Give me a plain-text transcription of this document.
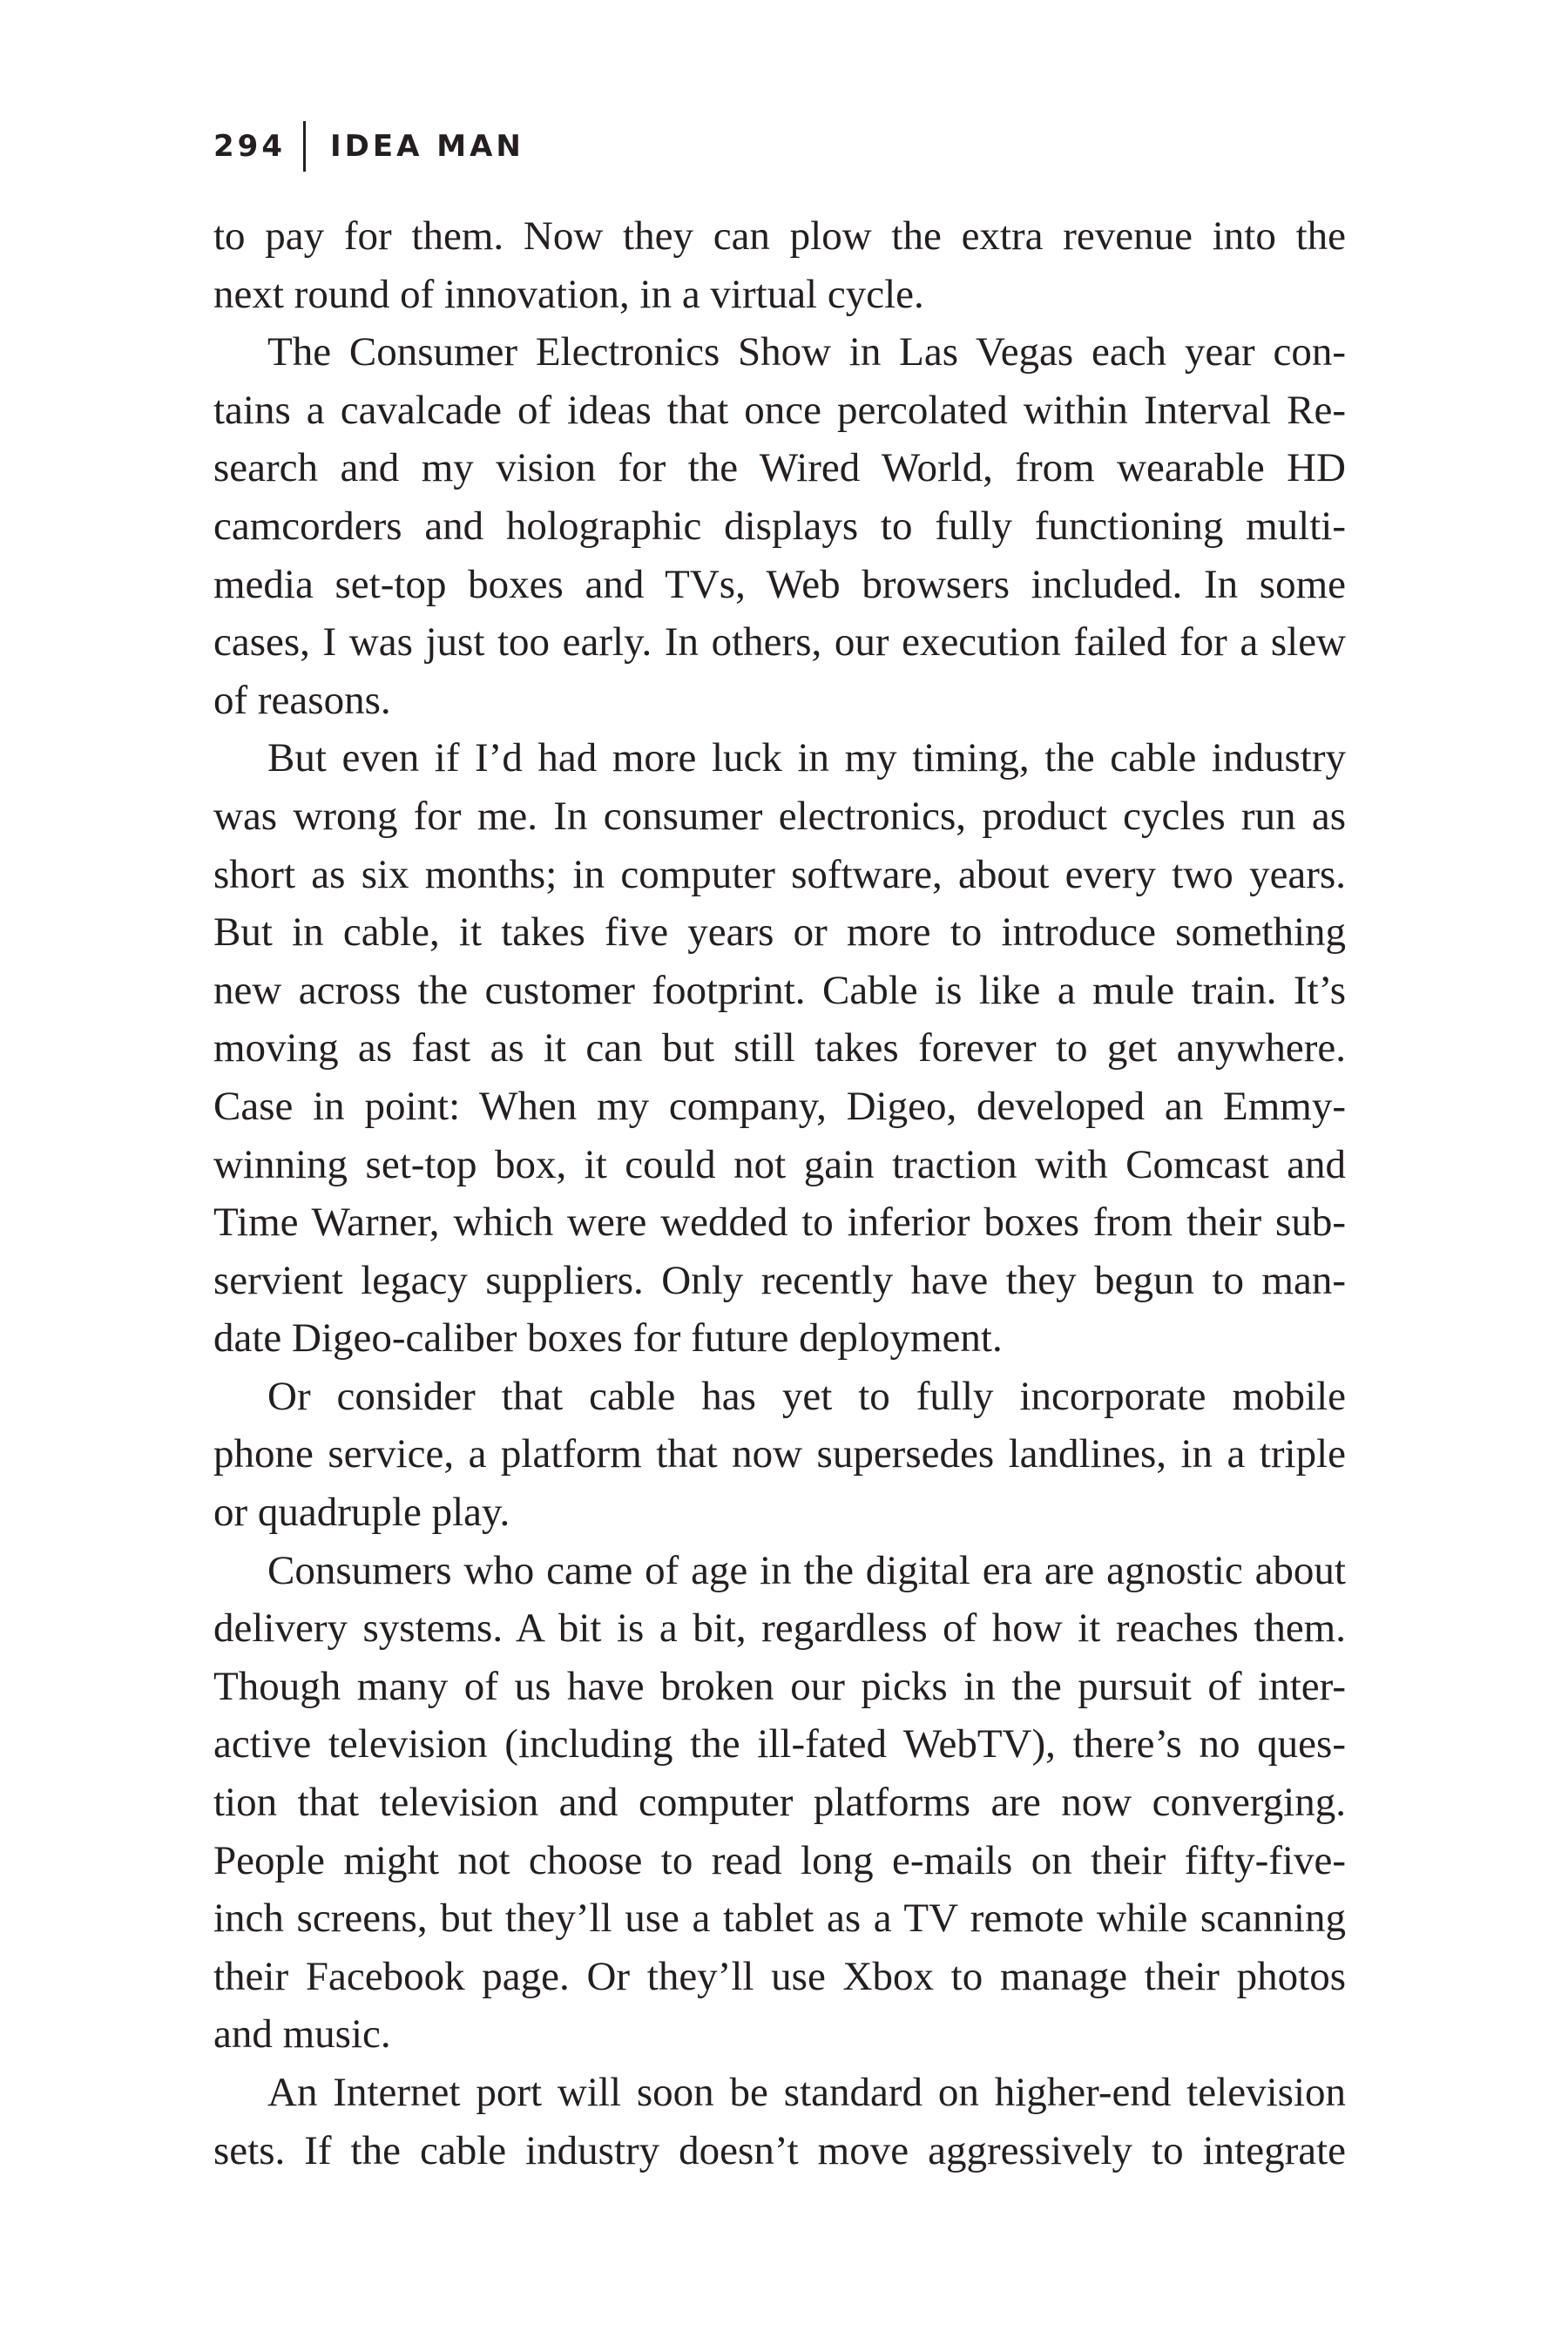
294 IDEA MAN
to pay for them. Now they can plow the extra revenue into the
next round of innovation, in a virtual cycle.
The Consumer Electronics Show in Las Vegas each year con-
tains a cavalcade of ideas that once percolated within Interval Re-
search and my vision for the Wired World, from wearable HD
camcorders and holographic displays to fully functioning multi-
media set-top boxes and TVs, Web browsers included. In some
cases, I was just too early. In others, our execution failed for a slew
of reasons.
But even if I’d had more luck in my timing, the cable industry
was wrong for me. In consumer electronics, product cycles run as
short as six months; in computer software, about every two years.
But in cable, it takes five years or more to introduce something
new across the customer footprint. Cable is like a mule train. It’s
moving as fast as it can but still takes forever to get anywhere.
Case in point: When my company, Digeo, developed an Emmy-
winning set-top box, it could not gain traction with Comcast and
Time Warner, which were wedded to inferior boxes from their sub-
servient legacy suppliers. Only recently have they begun to man-
date Digeo-caliber boxes for future deployment.
Or consider that cable has yet to fully incorporate mobile
phone service, a platform that now supersedes landlines, in a triple
or quadruple play.
Consumers who came of age in the digital era are agnostic about
delivery systems. A bit is a bit, regardless of how it reaches them.
Though many of us have broken our picks in the pursuit of inter-
active television (including the ill-fated WebTV), there’s no ques-
tion that television and computer platforms are now converging.
People might not choose to read long e-mails on their fifty-five-
inch screens, but they’ll use a tablet as a TV remote while scanning
their Facebook page. Or they’ll use Xbox to manage their photos
and music.
An Internet port will soon be standard on higher-end television
sets. If the cable industry doesn’t move aggressively to integrate
